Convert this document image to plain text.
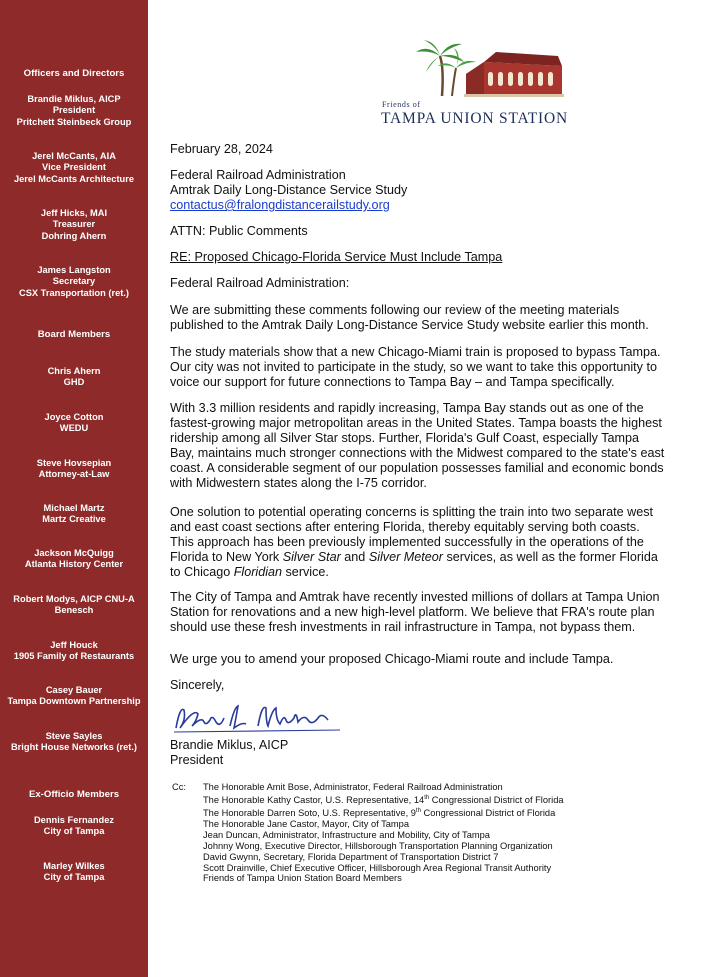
Officers and Directors
Brandie Miklus, AICP
President
Pritchett Steinbeck Group
Jerel McCants, AIA
Vice President
Jerel McCants Architecture
Jeff Hicks, MAI
Treasurer
Dohring Ahern
James Langston
Secretary
CSX Transportation (ret.)
Board Members
Chris Ahern
GHD
Joyce Cotton
WEDU
Steve Hovsepian
Attorney-at-Law
Michael Martz
Martz Creative
Jackson McQuigg
Atlanta History Center
Robert Modys, AICP CNU-A
Benesch
Jeff Houck
1905 Family of Restaurants
Casey Bauer
Tampa Downtown Partnership
Steve Sayles
Bright House Networks (ret.)
Ex-Officio Members
Dennis Fernandez
City of Tampa
Marley Wilkes
City of Tampa
Friends of
TAMPA UNION STATION
February 28, 2024
Federal Railroad Administration
Amtrak Daily Long-Distance Service Study
contactus@fralongdistancerailstudy.org
ATTN: Public Comments
RE: Proposed Chicago-Florida Service Must Include Tampa
Federal Railroad Administration:
We are submitting these comments following our review of the meeting materials
published to the Amtrak Daily Long-Distance Service Study website earlier this month.
The study materials show that a new Chicago-Miami train is proposed to bypass Tampa.
Our city was not invited to participate in the study, so we want to take this opportunity to
voice our support for future connections to Tampa Bay – and Tampa specifically.
With 3.3 million residents and rapidly increasing, Tampa Bay stands out as one of the
fastest-growing major metropolitan areas in the United States. Tampa boasts the highest
ridership among all Silver Star stops. Further, Florida's Gulf Coast, especially Tampa
Bay, maintains much stronger connections with the Midwest compared to the state's east
coast. A considerable segment of our population possesses familial and economic bonds
with Midwestern states along the I-75 corridor.
One solution to potential operating concerns is splitting the train into two separate west
and east coast sections after entering Florida, thereby equitably serving both coasts.
This approach has been previously implemented successfully in the operations of the
Florida to New York Silver Star and Silver Meteor services, as well as the former Florida
to Chicago Floridian service.
The City of Tampa and Amtrak have recently invested millions of dollars at Tampa Union
Station for renovations and a new high-level platform. We believe that FRA's route plan
should use these fresh investments in rail infrastructure in Tampa, not bypass them.
We urge you to amend your proposed Chicago-Miami route and include Tampa.
Sincerely,
Brandie Miklus, AICP
President
Cc: The Honorable Amit Bose, Administrator, Federal Railroad Administration
The Honorable Kathy Castor, U.S. Representative, 14th Congressional District of Florida
The Honorable Darren Soto, U.S. Representative, 9th Congressional District of Florida
The Honorable Jane Castor, Mayor, City of Tampa
Jean Duncan, Administrator, Infrastructure and Mobility, City of Tampa
Johnny Wong, Executive Director, Hillsborough Transportation Planning Organization
David Gwynn, Secretary, Florida Department of Transportation District 7
Scott Drainville, Chief Executive Officer, Hillsborough Area Regional Transit Authority
Friends of Tampa Union Station Board Members
